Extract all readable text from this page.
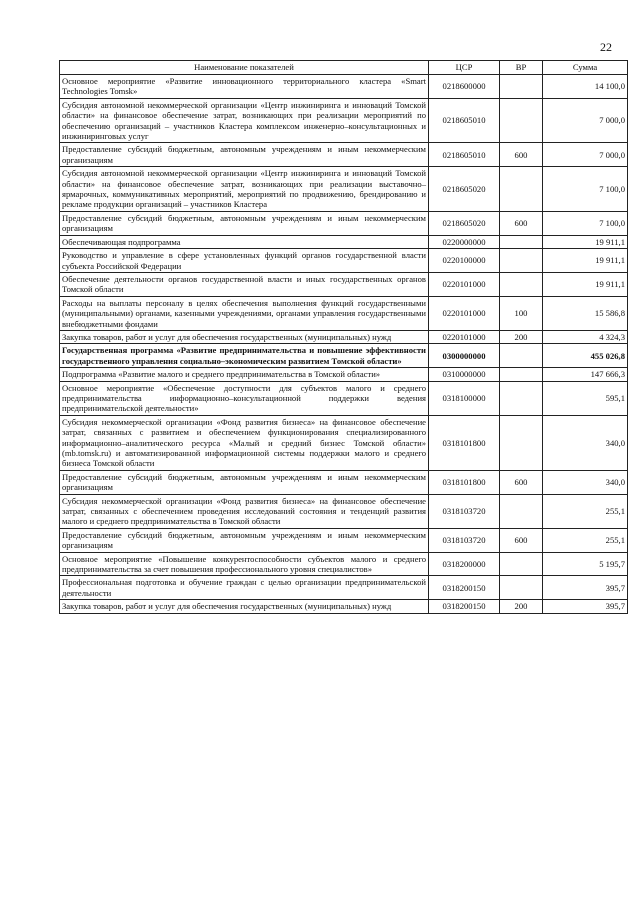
22
Наименование показателей	ЦСР	ВР	Сумма
Основное мероприятие «Развитие инновационного территориального кластера «Smart Technologies Tomsk»	0218600000		14 100,0
Субсидия автономной некоммерческой организации «Центр инжиниринга и инноваций Томской области» на финансовое обеспечение затрат, возникающих при реализации мероприятий по обеспечению организаций – участников Кластера комплексом инженерно–консультационных и инжиниринговых услуг	0218605010		7 000,0
Предоставление субсидий бюджетным, автономным учреждениям и иным некоммерческим организациям	0218605010	600	7 000,0
Субсидия автономной некоммерческой организации «Центр инжиниринга и инноваций Томской области» на финансовое обеспечение затрат, возникающих при реализации выставочно–ярмарочных, коммуникативных мероприятий, мероприятий по продвижению, брендированию и рекламе продукции организаций – участников Кластера	0218605020		7 100,0
Предоставление субсидий бюджетным, автономным учреждениям и иным некоммерческим организациям	0218605020	600	7 100,0
Обеспечивающая подпрограмма	0220000000		19 911,1
Руководство и управление в сфере установленных функций органов государственной власти субъекта Российской Федерации	0220100000		19 911,1
Обеспечение деятельности органов государственной власти и иных государственных органов Томской области	0220101000		19 911,1
Расходы на выплаты персоналу в целях обеспечения выполнения функций государственными (муниципальными) органами, казенными учреждениями, органами управления государственными внебюджетными фондами	0220101000	100	15 586,8
Закупка товаров, работ и услуг для обеспечения государственных (муниципальных) нужд	0220101000	200	4 324,3
Государственная программа «Развитие предпринимательства и повышение эффективности государственного управления социально–экономическим развитием Томской области»	0300000000		455 026,8
Подпрограмма «Развитие малого и среднего предпринимательства в Томской области»	0310000000		147 666,3
Основное мероприятие «Обеспечение доступности для субъектов малого и среднего предпринимательства информационно–консультационной поддержки ведения предпринимательской деятельности»	0318100000		595,1
Субсидия некоммерческой организации «Фонд развития бизнеса» на финансовое обеспечение затрат, связанных с развитием и обеспечением функционирования специализированного информационно–аналитического ресурса «Малый и средний бизнес Томской области» (mb.tomsk.ru) и автоматизированной информационной системы поддержки малого и среднего бизнеса Томской области	0318101800		340,0
Предоставление субсидий бюджетным, автономным учреждениям и иным некоммерческим организациям	0318101800	600	340,0
Субсидия некоммерческой организации «Фонд развития бизнеса» на финансовое обеспечение затрат, связанных с обеспечением проведения исследований состояния и тенденций развития малого и среднего предпринимательства в Томской области	0318103720		255,1
Предоставление субсидий бюджетным, автономным учреждениям и иным некоммерческим организациям	0318103720	600	255,1
Основное мероприятие «Повышение конкурентоспособности субъектов малого и среднего предпринимательства за счет повышения профессионального уровня специалистов»	0318200000		5 195,7
Профессиональная подготовка и обучение граждан с целью организации предпринимательской деятельности	0318200150		395,7
Закупка товаров, работ и услуг для обеспечения государственных (муниципальных) нужд	0318200150	200	395,7
